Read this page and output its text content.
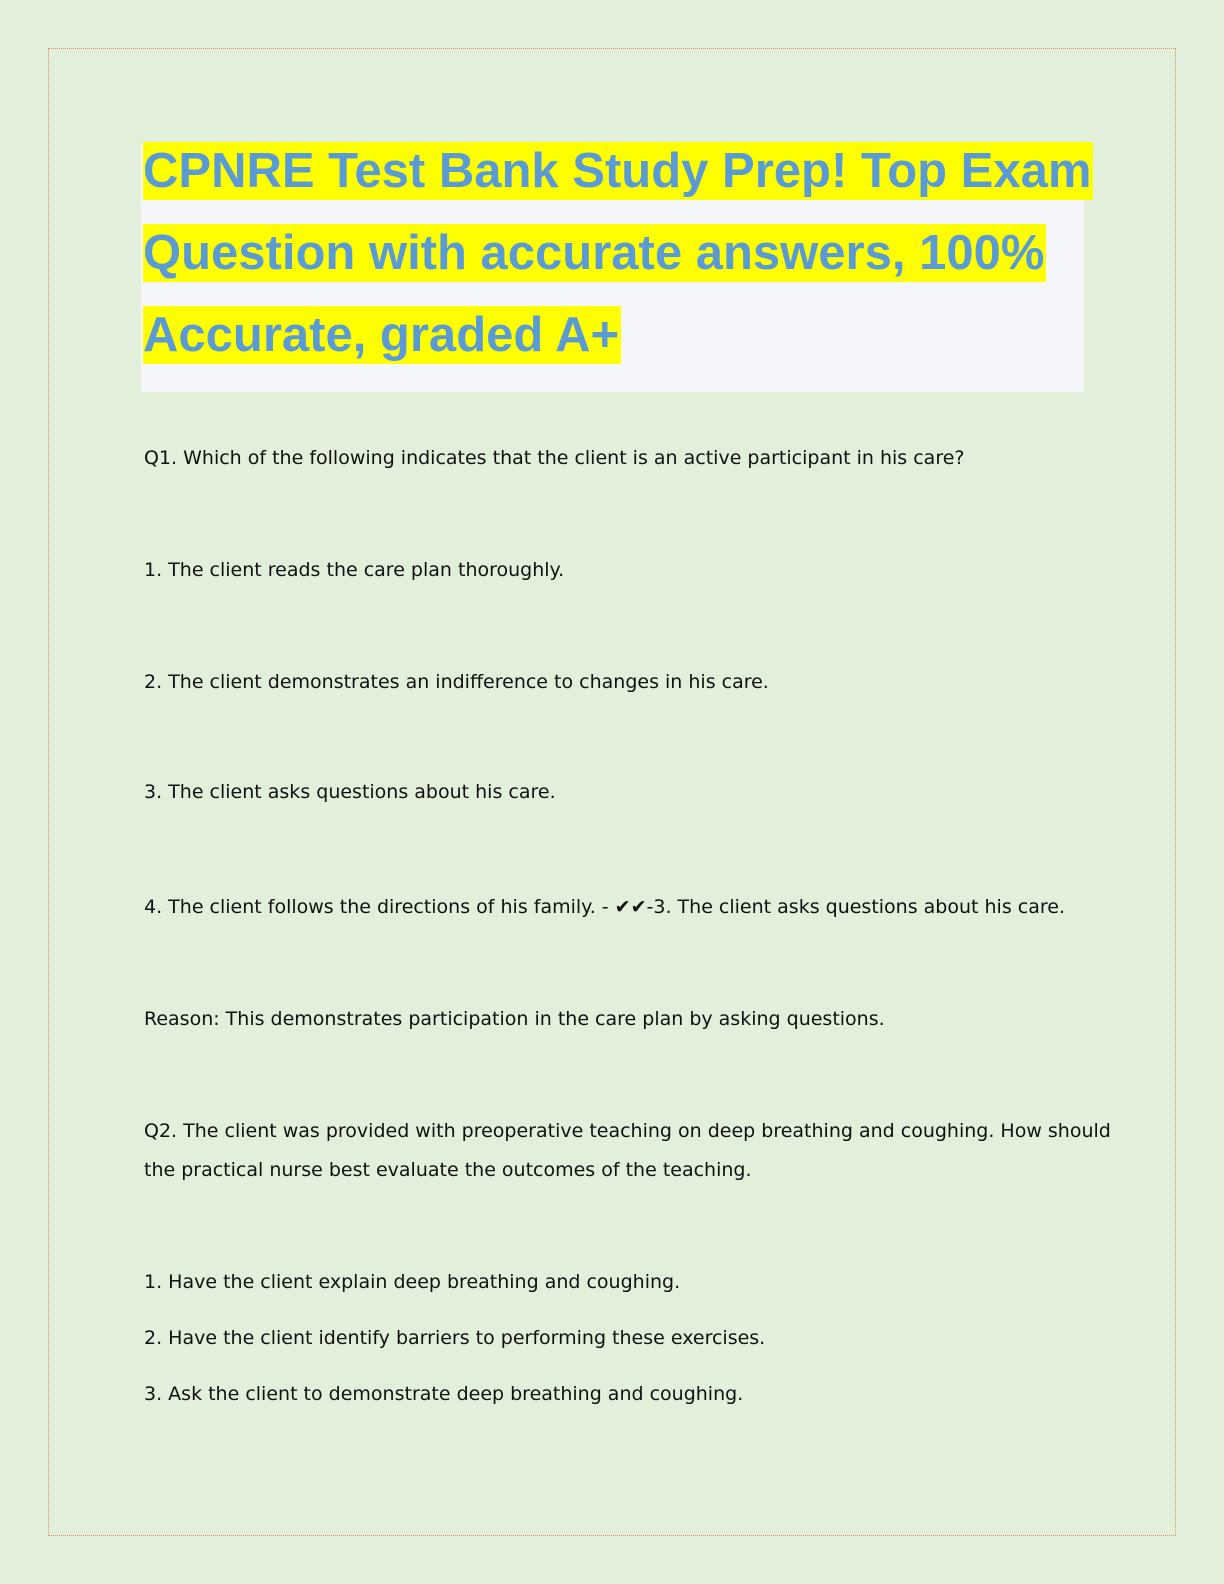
CPNRE Test Bank Study Prep! Top Exam
Question with accurate answers, 100%
Accurate, graded A+
Q1. Which of the following indicates that the client is an active participant in his care?
1. The client reads the care plan thoroughly.
2. The client demonstrates an indifference to changes in his care.
3. The client asks questions about his care.
4. The client follows the directions of his family. - ✔✔-3. The client asks questions about his care.
Reason: This demonstrates participation in the care plan by asking questions.
Q2. The client was provided with preoperative teaching on deep breathing and coughing. How should
the practical nurse best evaluate the outcomes of the teaching.
1. Have the client explain deep breathing and coughing.
2. Have the client identify barriers to performing these exercises.
3. Ask the client to demonstrate deep breathing and coughing.
